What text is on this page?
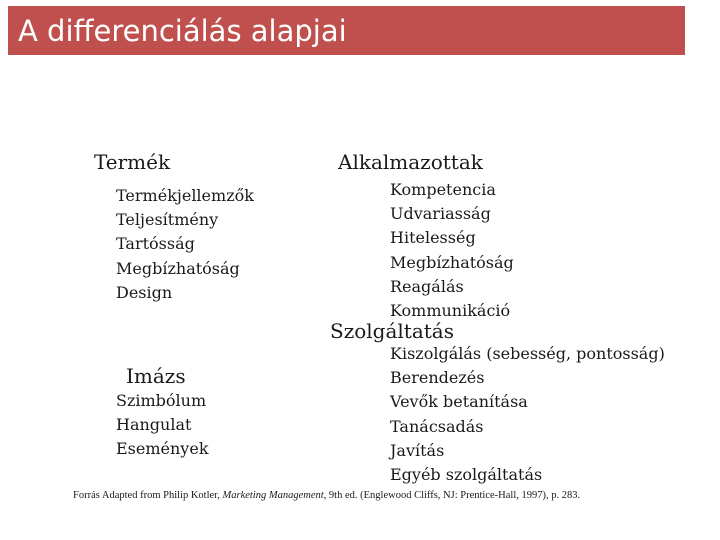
A differenciálás alapjai
Termék
Termékjellemzők
Teljesítmény
Tartósság
Megbízhatóság
Design
Alkalmazottak
Kompetencia
Udvariasság
Hitelesség
Megbízhatóság
Reagálás
Kommunikáció
Szolgáltatás
Kiszolgálás (sebesség, pontosság)
Berendezés
Vevők betanítása
Tanácsadás
Javítás
Egyéb szolgáltatás
Imázs
Szimbólum
Hangulat
Események
Forrás Adapted from Philip Kotler, Marketing Management, 9th ed. (Englewood Cliffs, NJ: Prentice-Hall, 1997), p. 283.
